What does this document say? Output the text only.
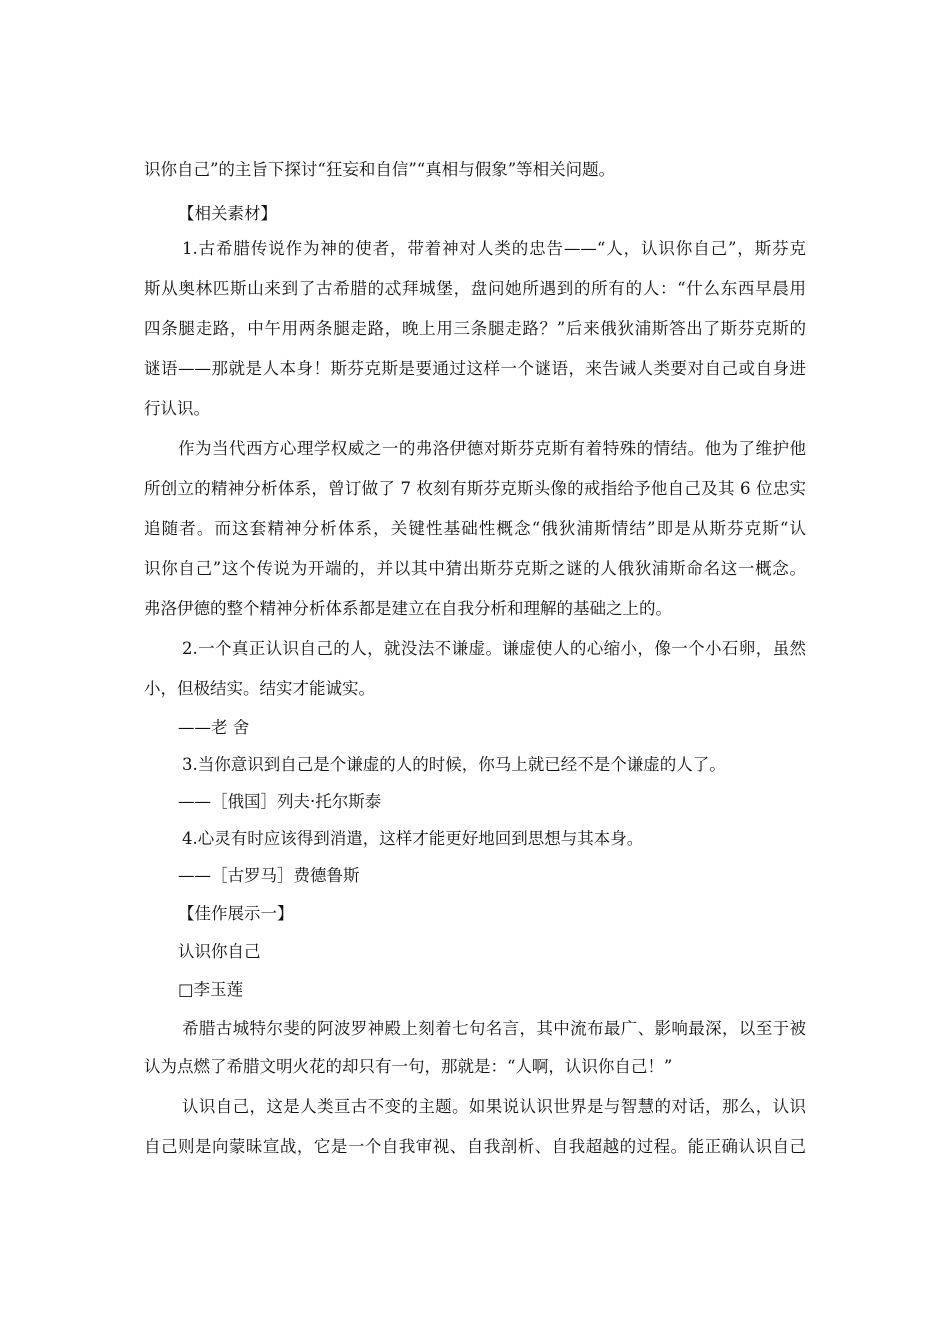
识你自己”的主旨下探讨“狂妄和自信”“真相与假象”等相关问题。
【相关素材】
1.古希腊传说作为神的使者，带着神对人类的忠告——“人，认识你自己”，斯芬克
斯从奥林匹斯山来到了古希腊的忒拜城堡，盘问她所遇到的所有的人：“什么东西早晨用
四条腿走路，中午用两条腿走路，晚上用三条腿走路？”后来俄狄浦斯答出了斯芬克斯的
谜语——那就是人本身！斯芬克斯是要通过这样一个谜语，来告诫人类要对自己或自身进
行认识。
作为当代西方心理学权威之一的弗洛伊德对斯芬克斯有着特殊的情结。他为了维护他
所创立的精神分析体系，曾订做了 7 枚刻有斯芬克斯头像的戒指给予他自己及其 6 位忠实
追随者。而这套精神分析体系，关键性基础性概念“俄狄浦斯情结”即是从斯芬克斯“认
识你自己”这个传说为开端的，并以其中猜出斯芬克斯之谜的人俄狄浦斯命名这一概念。
弗洛伊德的整个精神分析体系都是建立在自我分析和理解的基础之上的。
2.一个真正认识自己的人，就没法不谦虚。谦虚使人的心缩小，像一个小石卵，虽然
小，但极结实。结实才能诚实。
——老 舍
3.当你意识到自己是个谦虚的人的时候，你马上就已经不是个谦虚的人了。
——［俄国］列夫·托尔斯泰
4.心灵有时应该得到消遣，这样才能更好地回到思想与其本身。
——［古罗马］费德鲁斯
【佳作展示一】
认识你自己
□李玉莲
希腊古城特尔斐的阿波罗神殿上刻着七句名言，其中流布最广、影响最深，以至于被
认为点燃了希腊文明火花的却只有一句，那就是：“人啊，认识你自己！”
认识自己，这是人类亘古不变的主题。如果说认识世界是与智慧的对话，那么，认识
自己则是向蒙昧宣战，它是一个自我审视、自我剖析、自我超越的过程。能正确认识自己
